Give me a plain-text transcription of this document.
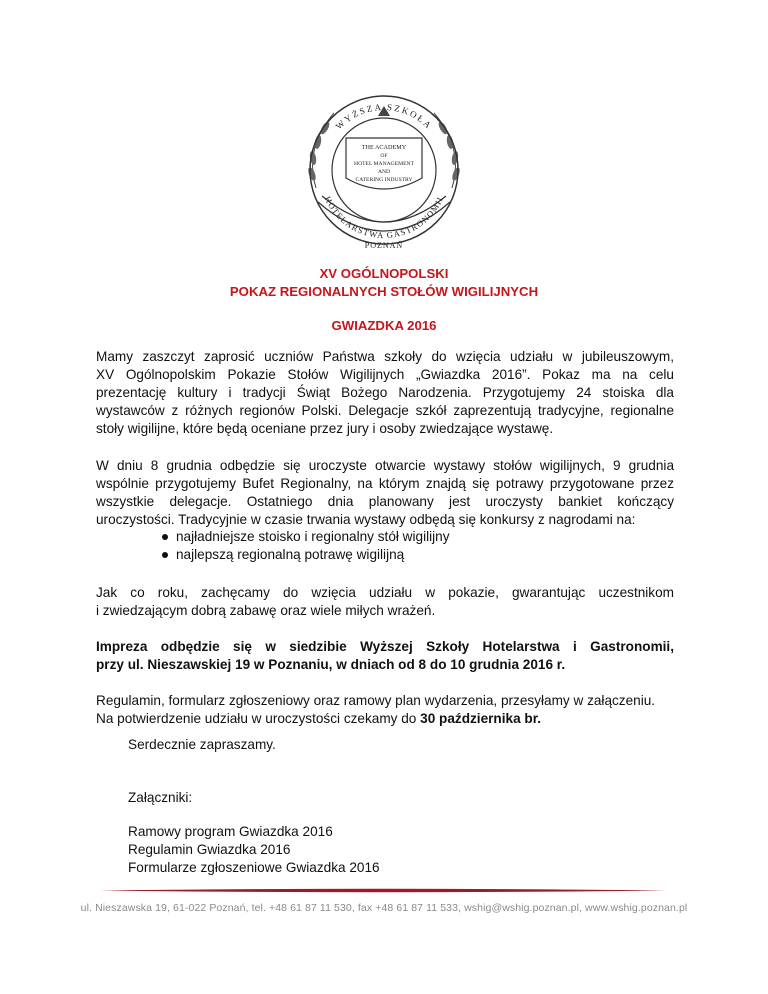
WYŻSZA SZKOŁA
THE ACADEMY
OF
HOTEL MANAGEMENT
AND
CATERING INDUSTRY
HOTELARSTWA GASTRONOMII
POZNAŃ
XV OGÓLNOPOLSKI
POKAZ REGIONALNYCH STOŁÓW WIGILIJNYCH
GWIAZDKA 2016
Mamy zaszczyt zaprosić uczniów Państwa szkoły do wzięcia udziału w jubileuszowym,
XV Ogólnopolskim Pokazie Stołów Wigilijnych „Gwiazdka 2016”. Pokaz ma na celu
prezentację kultury i tradycji Świąt Bożego Narodzenia. Przygotujemy 24 stoiska dla
wystawców z różnych regionów Polski. Delegacje szkół zaprezentują tradycyjne, regionalne
stoły wigilijne, które będą oceniane przez jury i osoby zwiedzające wystawę.
W dniu 8 grudnia odbędzie się uroczyste otwarcie wystawy stołów wigilijnych, 9 grudnia
wspólnie przygotujemy Bufet Regionalny, na którym znajdą się potrawy przygotowane przez
wszystkie delegacje. Ostatniego dnia planowany jest uroczysty bankiet kończący
uroczystości. Tradycyjnie w czasie trwania wystawy odbędą się konkursy z nagrodami na:
najładniejsze stoisko i regionalny stół wigilijny
najlepszą regionalną potrawę wigilijną
Jak co roku, zachęcamy do wzięcia udziału w pokazie, gwarantując uczestnikom
i zwiedzającym dobrą zabawę oraz wiele miłych wrażeń.
Impreza odbędzie się w siedzibie Wyższej Szkoły Hotelarstwa i Gastronomii,
przy ul. Nieszawskiej 19 w Poznaniu, w dniach od 8 do 10 grudnia 2016 r.
Regulamin, formularz zgłoszeniowy oraz ramowy plan wydarzenia, przesyłamy w załączeniu.
Na potwierdzenie udziału w uroczystości czekamy do 30 października br.
Serdecznie zapraszamy.
Załączniki:
Ramowy program Gwiazdka 2016
Regulamin Gwiazdka 2016
Formularze zgłoszeniowe Gwiazdka 2016
ul. Nieszawska 19, 61-022 Poznań, tel. +48 61 87 11 530, fax +48 61 87 11 533, wshig@wshig.poznan.pl, www.wshig.poznan.pl
